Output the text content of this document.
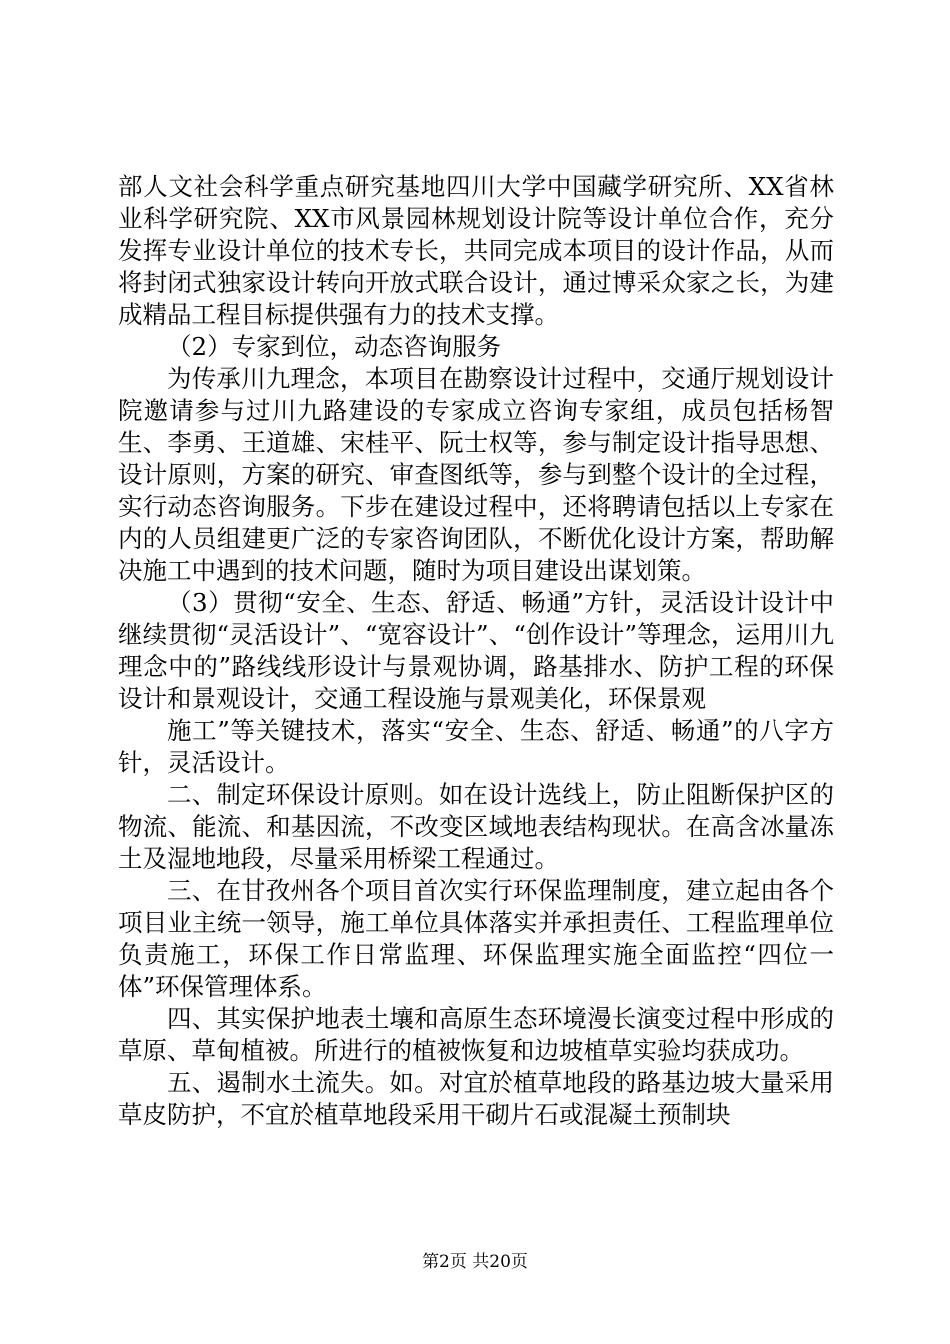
部人文社会科学重点研究基地四川大学中国藏学研究所、XX省林业科学研究院、XX市风景园林规划设计院等设计单位合作，充分发挥专业设计单位的技术专长，共同完成本项目的设计作品，从而将封闭式独家设计转向开放式联合设计，通过博采众家之长，为建成精品工程目标提供强有力的技术支撑。

（2）专家到位，动态咨询服务

为传承川九理念，本项目在勘察设计过程中，交通厅规划设计院邀请参与过川九路建设的专家成立咨询专家组，成员包括杨智生、李勇、王道雄、宋桂平、阮士权等，参与制定设计指导思想、设计原则，方案的研究、审查图纸等，参与到整个设计的全过程，实行动态咨询服务。下步在建设过程中，还将聘请包括以上专家在内的人员组建更广泛的专家咨询团队，不断优化设计方案，帮助解决施工中遇到的技术问题，随时为项目建设出谋划策。

（3）贯彻“安全、生态、舒适、畅通”方针，灵活设计设计中继续贯彻“灵活设计”、“宽容设计”、“创作设计”等理念，运用川九理念中的”路线线形设计与景观协调，路基排水、防护工程的环保设计和景观设计，交通工程设施与景观美化，环保景观

施工”等关键技术，落实“安全、生态、舒适、畅通”的八字方针，灵活设计。

二、制定环保设计原则。如在设计选线上，防止阻断保护区的物流、能流、和基因流，不改变区域地表结构现状。在高含冰量冻土及湿地地段，尽量采用桥梁工程通过。

三、在甘孜州各个项目首次实行环保监理制度，建立起由各个项目业主统一领导，施工单位具体落实并承担责任、工程监理单位负责施工，环保工作日常监理、环保监理实施全面监控“四位一体”环保管理体系。

四、其实保护地表土壤和高原生态环境漫长演变过程中形成的草原、草甸植被。所进行的植被恢复和边坡植草实验均获成功。

五、遏制水土流失。如。对宜於植草地段的路基边坡大量采用草皮防护，不宜於植草地段采用干砌片石或混凝土预制块

第2页 共20页
